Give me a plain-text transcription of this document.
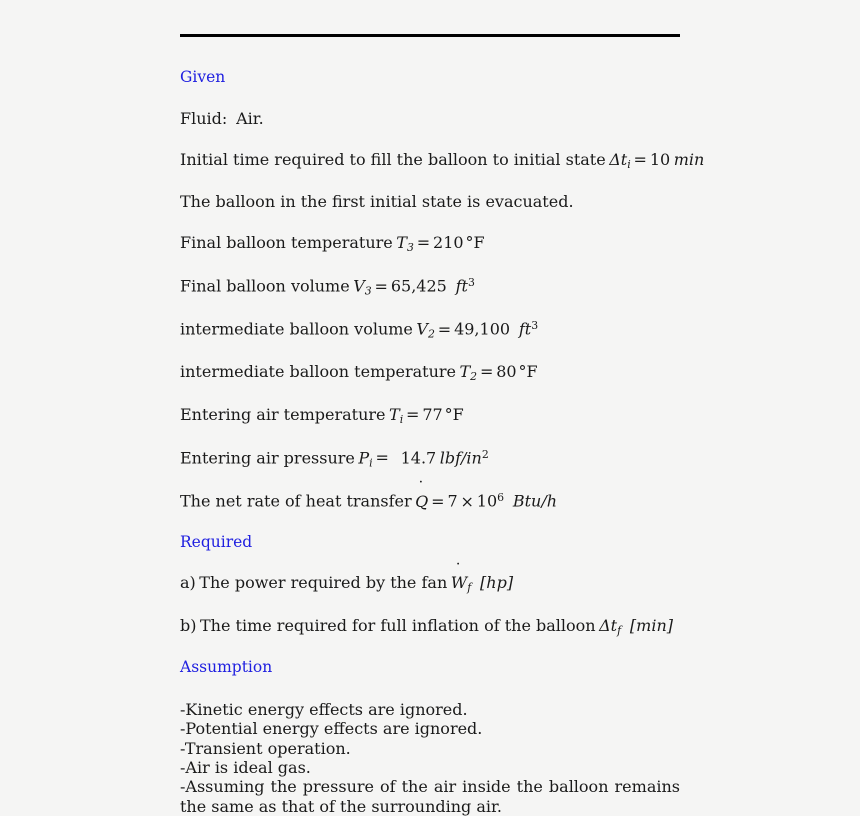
Given

Fluid: Air.

Initial time required to fill the balloon to initial state $\Delta t_i = 10$ min

The balloon in the first initial state is evacuated.

Final balloon temperature $T_3 = 210$ °F

Final balloon volume $V_3 = 65,425$ $ft^3$

intermediate balloon volume $V_2 = 49,100$ $ft^3$

intermediate balloon temperature $T_2 = 80$ °F

Entering air temperature $T_i = 77$ °F

Entering air pressure $P_i = 14.7$ lbf/$in^2$

The net rate of heat transfer ˙ $Q = 7 \times 10^6$ Btu/h

Required

a) The power required by the fan ˙ $W_f$ [hp]

b) The time required for full inflation of the balloon $\Delta t_f$ [min]

Assumption

-Kinetic energy effects are ignored.
-Potential energy effects are ignored.
-Transient operation.
-Air is ideal gas.
-Assuming the pressure of the air inside the balloon remains the same as that of the surrounding air.
